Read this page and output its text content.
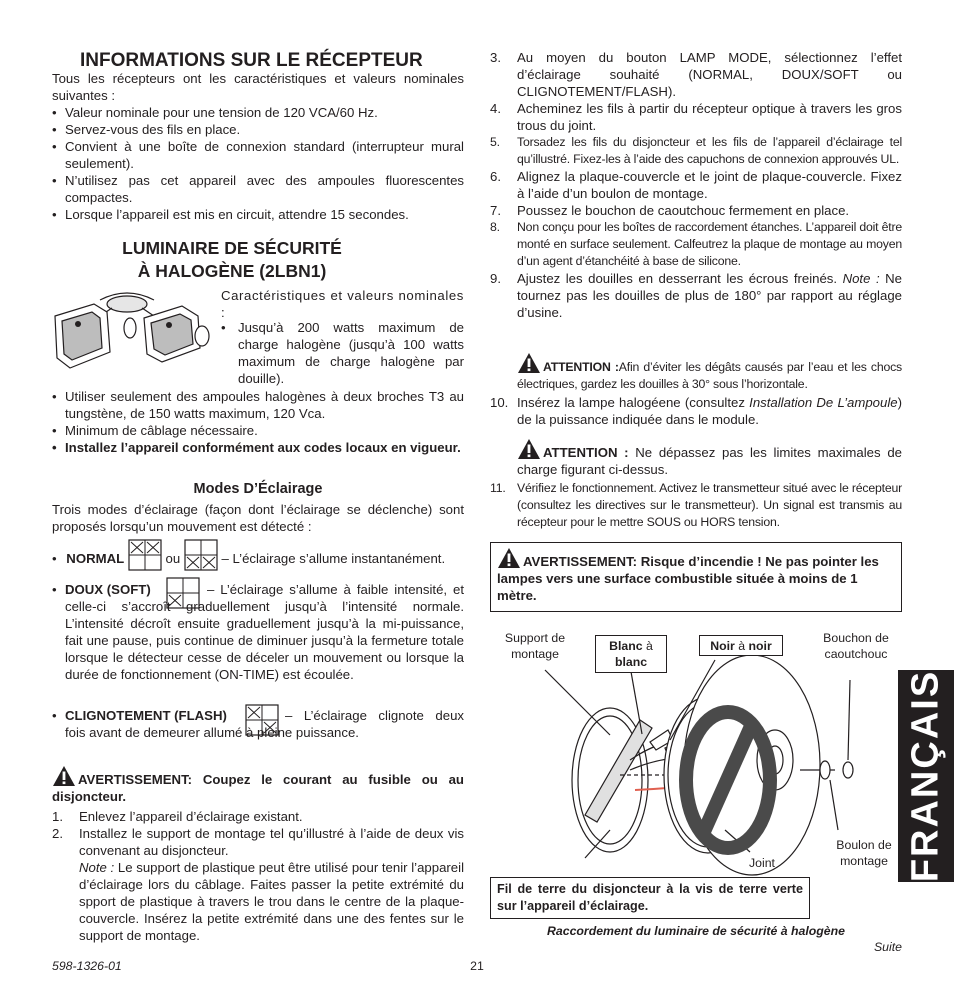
INFORMATIONS SUR LE RÉCEPTEUR
Tous les récepteurs ont les caractéristiques et valeurs nominales suivantes :
• Valeur nominale pour une tension de 120 VCA/60 Hz.
• Servez-vous des fils en place.
• Convient à une boîte de connexion standard (interrupteur mural seulement).
• N’utilisez pas cet appareil avec des ampoules fluorescentes compactes.
• Lorsque l’appareil est mis en circuit, attendre 15 secondes.
LUMINAIRE DE SÉCURITÉ
À HALOGÈNE (2LBN1)
Caractéristiques et valeurs nominales :
• Jusqu’à 200 watts maximum de charge halogène (jusqu’à 100 watts maximum de charge halogène par douille).
• Utiliser seulement des ampoules halogènes à deux broches T3 au tungstène, de 150 watts maximum, 120 Vca.
• Minimum de câblage nécessaire.
• Installez l’appareil conformément aux codes locaux en vigueur.
Modes D’Éclairage
Trois modes d’éclairage (façon dont l’éclairage se déclenche) sont proposés lorsqu’un mouvement est détecté :
• NORMAL	ou	– L’éclairage s’allume instantanément.
• DOUX (SOFT)	– L’éclairage s’allume à faible intensité, et celle-ci s’accroît graduellement jusqu’à l’intensité normale. L’intensité décroît ensuite graduellement jusqu’à la mi-puissance, fait une pause, puis continue de diminuer jusqu’à la fermeture totale lorsque le détecteur cesse de déceler un mouvement ou lorsque la durée de fonctionnement (ON-TIME) est écoulée.
• CLIGNOTEMENT (FLASH)	– L’éclairage clignote deux fois avant de demeurer allumé à pleine puissance.
AVERTISSEMENT: Coupez le courant au fusible ou au disjoncteur.
1. Enlevez l’appareil d’éclairage existant.
2. Installez le support de montage tel qu’illustré à l’aide de deux vis convenant au disjoncteur.
Note : Le support de plastique peut être utilisé pour tenir l’appareil d’éclairage lors du câblage. Faites passer la petite extrémité du spport de plastique à travers le trou dans le centre de la plaque-couvercle. Insérez la petite extrémité dans une des fentes sur le support de montage.
3. Au moyen du bouton LAMP MODE, sélectionnez l’effet d’éclairage souhaité (NORMAL, DOUX/SOFT ou CLIGNOTEMENT/FLASH).
4. Acheminez les fils à partir du récepteur optique à travers les gros trous du joint.
5. Torsadez les fils du disjoncteur et les fils de l’appareil d’éclairage tel qu’illustré. Fixez-les à l’aide des capuchons de connexion approuvés UL.
6. Alignez la plaque-couvercle et le joint de plaque-couvercle. Fixez à l’aide d’un boulon de montage.
7. Poussez le bouchon de caoutchouc fermement en place.
8. Non conçu pour les boîtes de raccordement étanches. L’appareil doit être monté en surface seulement. Calfeutrez la plaque de montage au moyen d’un agent d’étanchéité à base de silicone.
9. Ajustez les douilles en desserrant les écrous freinés. Note : Ne tournez pas les douilles de plus de 180° par rapport au réglage d’usine.
ATTENTION :Afin d’éviter les dégâts causés par l’eau et les chocs électriques, gardez les douilles à 30° sous l’horizontale.
10. Insérez la lampe halogéene (consultez Installation De L’ampoule) de la puissance indiquée dans le module.
ATTENTION : Ne dépassez pas les limites maximales de charge figurant ci-dessus.
11. Vérifiez le fonctionnement. Activez le transmetteur situé avec le récepteur (consultez les directives sur le transmetteur). Un signal est transmis au récepteur pour le mettre SOUS ou HORS tension.
AVERTISSEMENT: Risque d’incendie ! Ne pas pointer les lampes vers une surface combustible située à moins de 1 mètre.
Support de montage
Blanc à
blanc
Noir à noir
Bouchon de caoutchouc
Boulon de montage
Joint
Fil de terre du disjoncteur à la vis de terre verte sur l’appareil d’éclairage.
Raccordement du luminaire de sécurité à halogène
Suite
FRANÇAIS
598-1326-01	21
